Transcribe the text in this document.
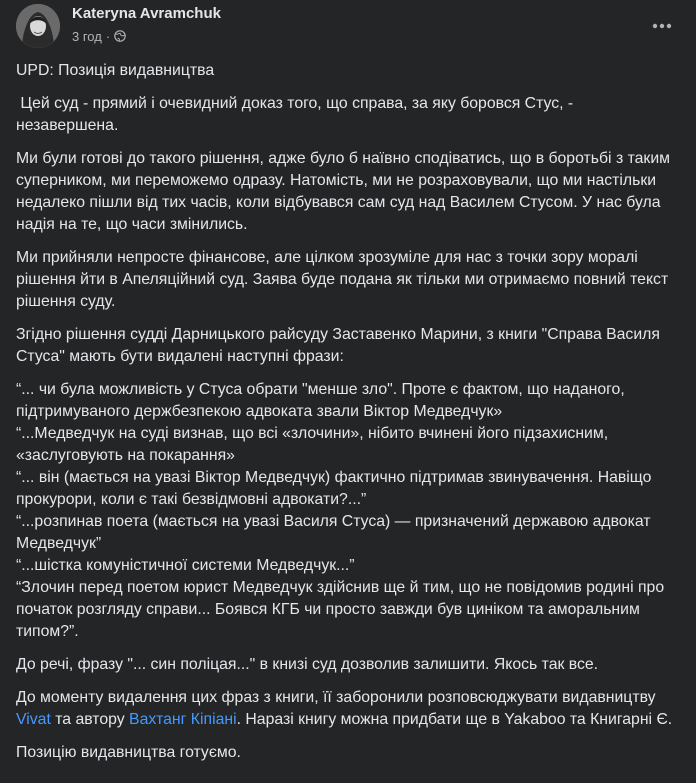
Kateryna Avramchuk
3 год ·

UPD: Позиція видавництва

Цей суд - прямий і очевидний доказ того, що справа, за яку боровся Стус, - незавершена.

Ми були готові до такого рішення, адже було б наївно сподіватись, що в боротьбі з таким суперником, ми переможемо одразу. Натомість, ми не розраховували, що ми настільки недалеко пішли від тих часів, коли відбувався сам суд над Василем Стусом. У нас була надія на те, що часи змінились.

Ми прийняли непросте фінансове, але цілком зрозуміле для нас з точки зору моралі рішення йти в Апеляційний суд. Заява буде подана як тільки ми отримаємо повний текст рішення суду.

Згідно рішення судді Дарницького райсуду Заставенко Марини, з книги "Справа Василя Стуса" мають бути видалені наступні фрази:

“... чи була можливість у Стуса обрати "менше зло". Проте є фактом, що наданого, підтримуваного держбезпекою адвоката звали Віктор Медведчук»
“...Медведчук на суді визнав, що всі «злочини», нібито вчинені його підзахисним, «заслуговують на покарання»
“... він (мається на увазі Віктор Медведчук) фактично підтримав звинувачення. Навіщо прокурори, коли є такі безвідмовні адвокати?...”
“...розпинав поета (мається на увазі Василя Стуса) — призначений державою адвокат Медведчук”
“...шістка комуністичної системи Медведчук...”
“Злочин перед поетом юрист Медведчук здійснив ще й тим, що не повідомив родині про початок розгляду справи... Боявся КГБ чи просто завжди був циніком та аморальним типом?”.

До речі, фразу "... син поліцая..." в книзі суд дозволив залишити. Якось так все.

До моменту видалення цих фраз з книги, її заборонили розповсюджувати видавництву Vivat та автору Вахтанг Кіпіані. Наразі книгу можна придбати ще в Yakaboo та Книгарні Є.

Позицію видавництва готуємо.
